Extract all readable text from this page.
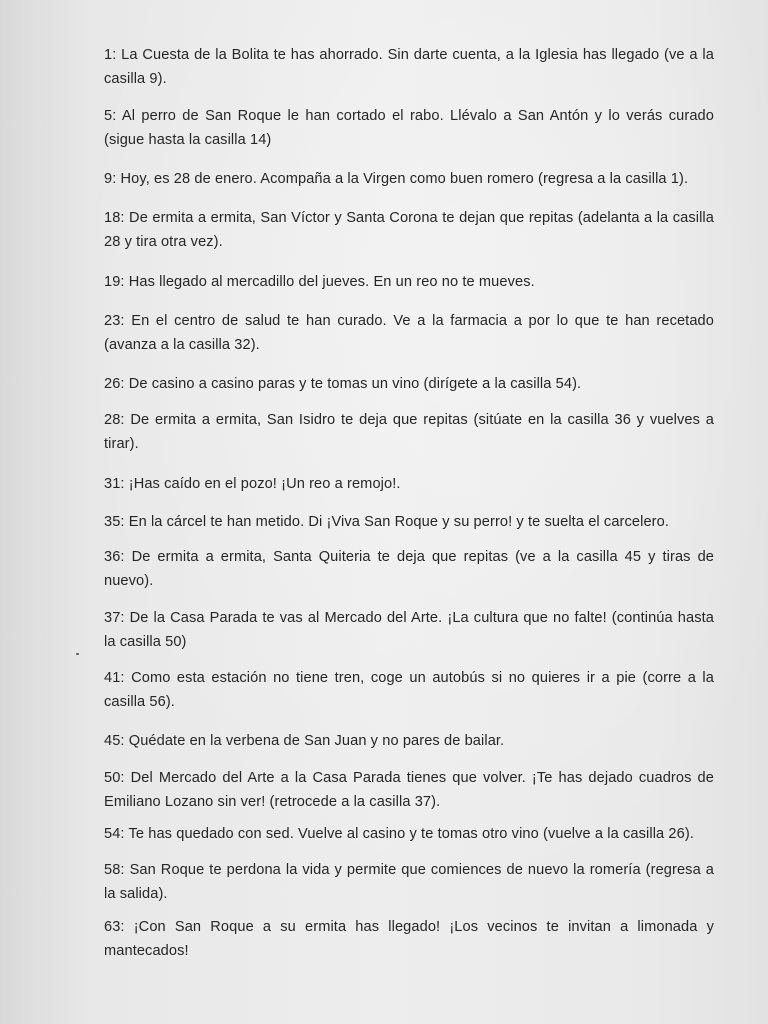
1: La Cuesta de la Bolita te has ahorrado. Sin darte cuenta, a la Iglesia has llegado (ve a la casilla 9).

5: Al perro de San Roque le han cortado el rabo. Llévalo a San Antón y lo verás curado (sigue hasta la casilla 14)

9: Hoy, es 28 de enero. Acompaña a la Virgen como buen romero (regresa a la casilla 1).

18: De ermita a ermita, San Víctor y Santa Corona te dejan que repitas (adelanta a la casilla 28 y tira otra vez).

19: Has llegado al mercadillo del jueves. En un reo no te mueves.

23: En el centro de salud te han curado. Ve a la farmacia a por lo que te han recetado (avanza a la casilla 32).

26: De casino a casino paras y te tomas un vino (dirígete a la casilla 54).

28: De ermita a ermita, San Isidro te deja que repitas (sitúate en la casilla 36 y vuelves a tirar).

31: ¡Has caído en el pozo! ¡Un reo a remojo!.

35: En la cárcel te han metido. Di ¡Viva San Roque y su perro! y te suelta el carcelero.

36: De ermita a ermita, Santa Quiteria te deja que repitas (ve a la casilla 45 y tiras de nuevo).

37: De la Casa Parada te vas al Mercado del Arte. ¡La cultura que no falte! (continúa hasta la casilla 50)

41: Como esta estación no tiene tren, coge un autobús si no quieres ir a pie (corre a la casilla 56).

45: Quédate en la verbena de San Juan y no pares de bailar.

50: Del Mercado del Arte a la Casa Parada tienes que volver. ¡Te has dejado cuadros de Emiliano Lozano sin ver! (retrocede a la casilla 37).

54: Te has quedado con sed. Vuelve al casino y te tomas otro vino (vuelve a la casilla 26).

58: San Roque te perdona la vida y permite que comiences de nuevo la romería (regresa a la salida).

63: ¡Con San Roque a su ermita has llegado! ¡Los vecinos te invitan a limonada y mantecados!
